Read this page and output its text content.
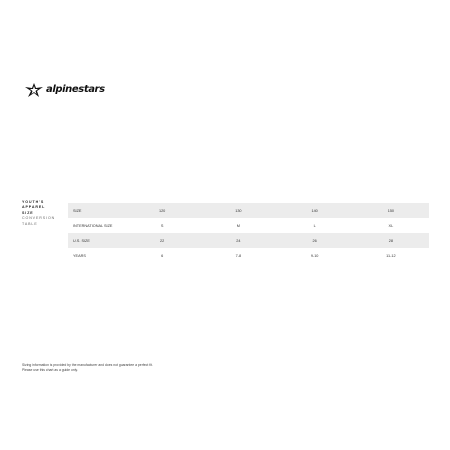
alpinestars
YOUTH'S
APPAREL
SIZE
CONVERSION
TABLE
SIZE	120	130	140	150
INTERNATIONAL SIZE	S	M	L	XL
U.S. SIZE	22	24	26	28
YEARS	6	7-8	9-10	11-12
Sizing information is provided by the manufacturer and does not guarantee a perfect fit.
Please use this chart as a guide only.
